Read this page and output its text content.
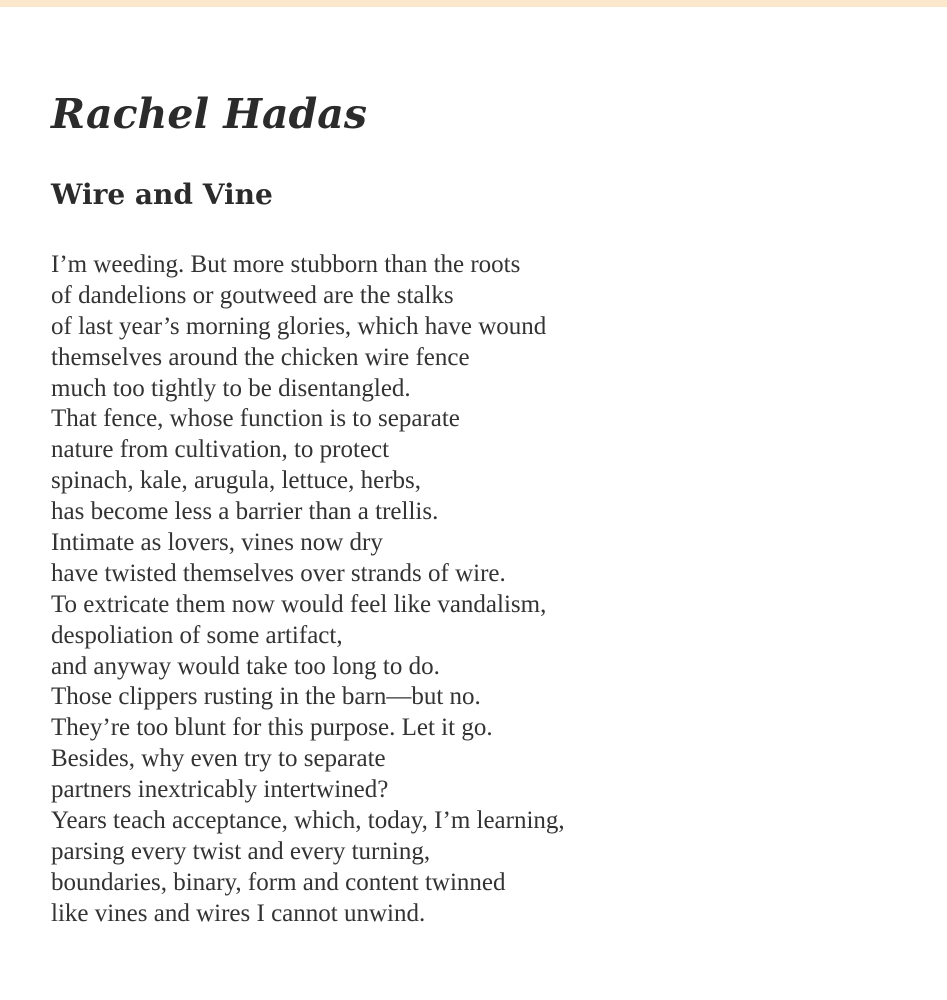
Rachel Hadas
Wire and Vine
I’m weeding. But more stubborn than the roots
of dandelions or goutweed are the stalks
of last year’s morning glories, which have wound
themselves around the chicken wire fence
much too tightly to be disentangled.
That fence, whose function is to separate
nature from cultivation, to protect
spinach, kale, arugula, lettuce, herbs,
has become less a barrier than a trellis.
Intimate as lovers, vines now dry
have twisted themselves over strands of wire.
To extricate them now would feel like vandalism,
despoliation of some artifact,
and anyway would take too long to do.
Those clippers rusting in the barn—but no.
They’re too blunt for this purpose. Let it go.
Besides, why even try to separate
partners inextricably intertwined?
Years teach acceptance, which, today, I’m learning,
parsing every twist and every turning,
boundaries, binary, form and content twinned
like vines and wires I cannot unwind.
